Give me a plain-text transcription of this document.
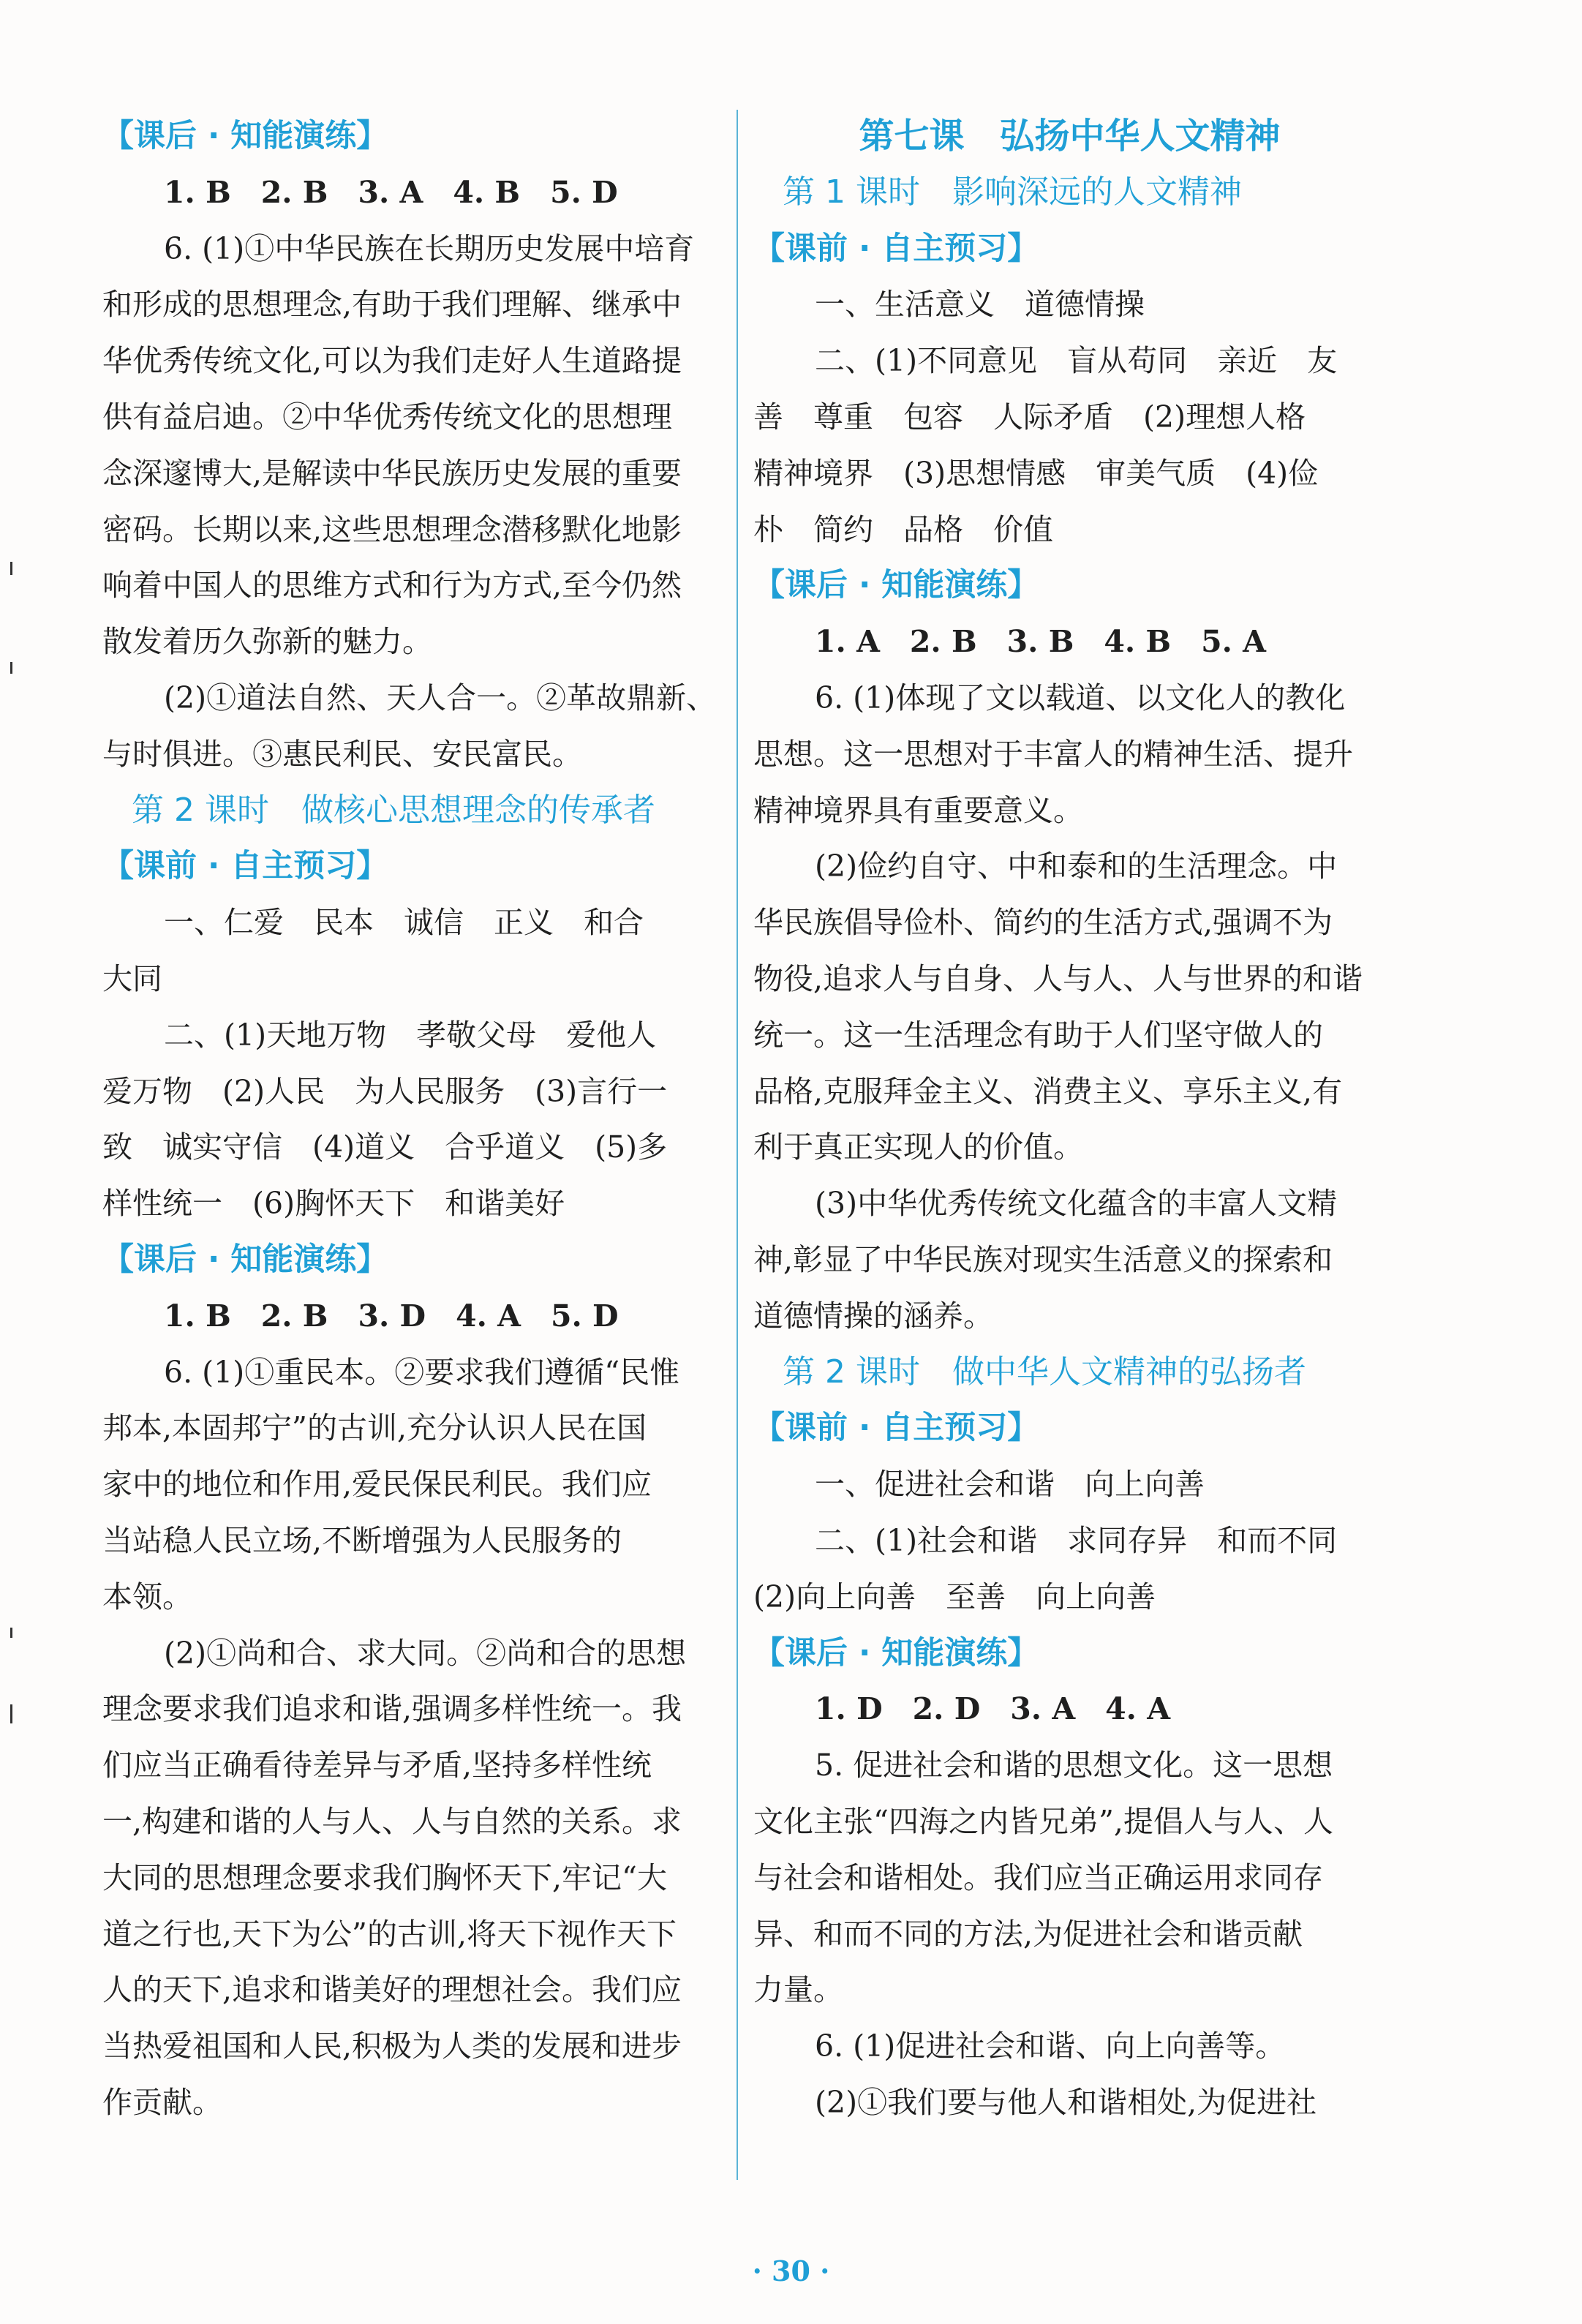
【课后 · 知能演练】
1. B　2. B　3. A　4. B　5. D
6. (1)①中华民族在长期历史发展中培育
和形成的思想理念,有助于我们理解、继承中
华优秀传统文化,可以为我们走好人生道路提
供有益启迪。②中华优秀传统文化的思想理
念深邃博大,是解读中华民族历史发展的重要
密码。长期以来,这些思想理念潜移默化地影
响着中国人的思维方式和行为方式,至今仍然
散发着历久弥新的魅力。
(2)①道法自然、天人合一。②革故鼎新、
与时俱进。③惠民利民、安民富民。
第 2 课时　做核心思想理念的传承者
【课前 · 自主预习】
一、仁爱　民本　诚信　正义　和合
大同
二、(1)天地万物　孝敬父母　爱他人
爱万物　(2)人民　为人民服务　(3)言行一
致　诚实守信　(4)道义　合乎道义　(5)多
样性统一　(6)胸怀天下　和谐美好
【课后 · 知能演练】
1. B　2. B　3. D　4. A　5. D
6. (1)①重民本。②要求我们遵循“民惟
邦本,本固邦宁”的古训,充分认识人民在国
家中的地位和作用,爱民保民利民。我们应
当站稳人民立场,不断增强为人民服务的
本领。
(2)①尚和合、求大同。②尚和合的思想
理念要求我们追求和谐,强调多样性统一。我
们应当正确看待差异与矛盾,坚持多样性统
一,构建和谐的人与人、人与自然的关系。求
大同的思想理念要求我们胸怀天下,牢记“大
道之行也,天下为公”的古训,将天下视作天下
人的天下,追求和谐美好的理想社会。我们应
当热爱祖国和人民,积极为人类的发展和进步
作贡献。
第七课　弘扬中华人文精神
第 1 课时　影响深远的人文精神
【课前 · 自主预习】
一、生活意义　道德情操
二、(1)不同意见　盲从苟同　亲近　友
善　尊重　包容　人际矛盾　(2)理想人格
精神境界　(3)思想情感　审美气质　(4)俭
朴　简约　品格　价值
【课后 · 知能演练】
1. A　2. B　3. B　4. B　5. A
6. (1)体现了文以载道、以文化人的教化
思想。这一思想对于丰富人的精神生活、提升
精神境界具有重要意义。
(2)俭约自守、中和泰和的生活理念。中
华民族倡导俭朴、简约的生活方式,强调不为
物役,追求人与自身、人与人、人与世界的和谐
统一。这一生活理念有助于人们坚守做人的
品格,克服拜金主义、消费主义、享乐主义,有
利于真正实现人的价值。
(3)中华优秀传统文化蕴含的丰富人文精
神,彰显了中华民族对现实生活意义的探索和
道德情操的涵养。
第 2 课时　做中华人文精神的弘扬者
【课前 · 自主预习】
一、促进社会和谐　向上向善
二、(1)社会和谐　求同存异　和而不同
(2)向上向善　至善　向上向善
【课后 · 知能演练】
1. D　2. D　3. A　4. A
5. 促进社会和谐的思想文化。这一思想
文化主张“四海之内皆兄弟”,提倡人与人、人
与社会和谐相处。我们应当正确运用求同存
异、和而不同的方法,为促进社会和谐贡献
力量。
6. (1)促进社会和谐、向上向善等。
(2)①我们要与他人和谐相处,为促进社
· 30 ·
